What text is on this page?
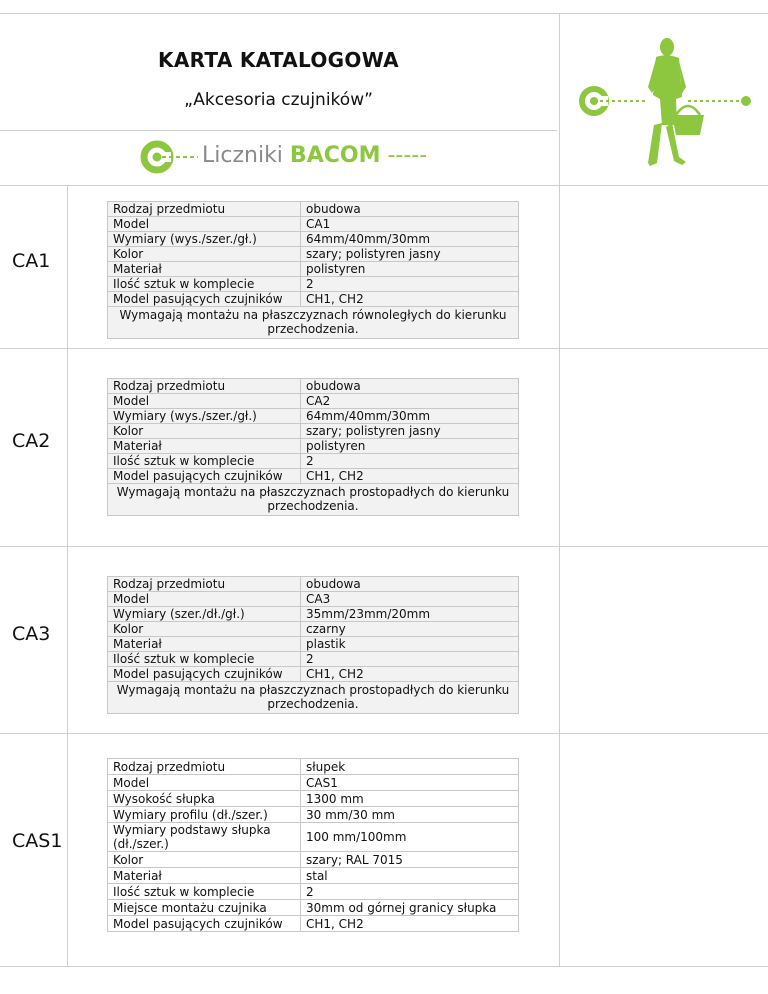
KARTA KATALOGOWA
„Akcesoria czujników”
Liczniki BACOM -----
CA1
CA2
CA3
CAS1
Rodzaj przedmiotu	obudowa
Model	CA1
Wymiary (wys./szer./gł.)	64mm/40mm/30mm
Kolor	szary; polistyren jasny
Materiał	polistyren
Ilość sztuk w komplecie	2
Model pasujących czujników	CH1, CH2
Wymagają montażu na płaszczyznach równoległych do kierunku przechodzenia.	
Rodzaj przedmiotu	obudowa
Model	CA2
Wymiary (wys./szer./gł.)	64mm/40mm/30mm
Kolor	szary; polistyren jasny
Materiał	polistyren
Ilość sztuk w komplecie	2
Model pasujących czujników	CH1, CH2
Wymagają montażu na płaszczyznach prostopadłych do kierunku przechodzenia.	
Rodzaj przedmiotu	obudowa
Model	CA3
Wymiary (szer./dł./gł.)	35mm/23mm/20mm
Kolor	czarny
Materiał	plastik
Ilość sztuk w komplecie	2
Model pasujących czujników	CH1, CH2
Wymagają montażu na płaszczyznach prostopadłych do kierunku przechodzenia.	
Rodzaj przedmiotu	słupek
Model	CAS1
Wysokość słupka	1300 mm
Wymiary profilu (dł./szer.)	30 mm/30 mm
Wymiary podstawy słupka (dł./szer.)	100 mm/100mm
Kolor	szary; RAL 7015
Materiał	stal
Ilość sztuk w komplecie	2
Miejsce montażu czujnika	30mm od górnej granicy słupka
Model pasujących czujników	CH1, CH2
